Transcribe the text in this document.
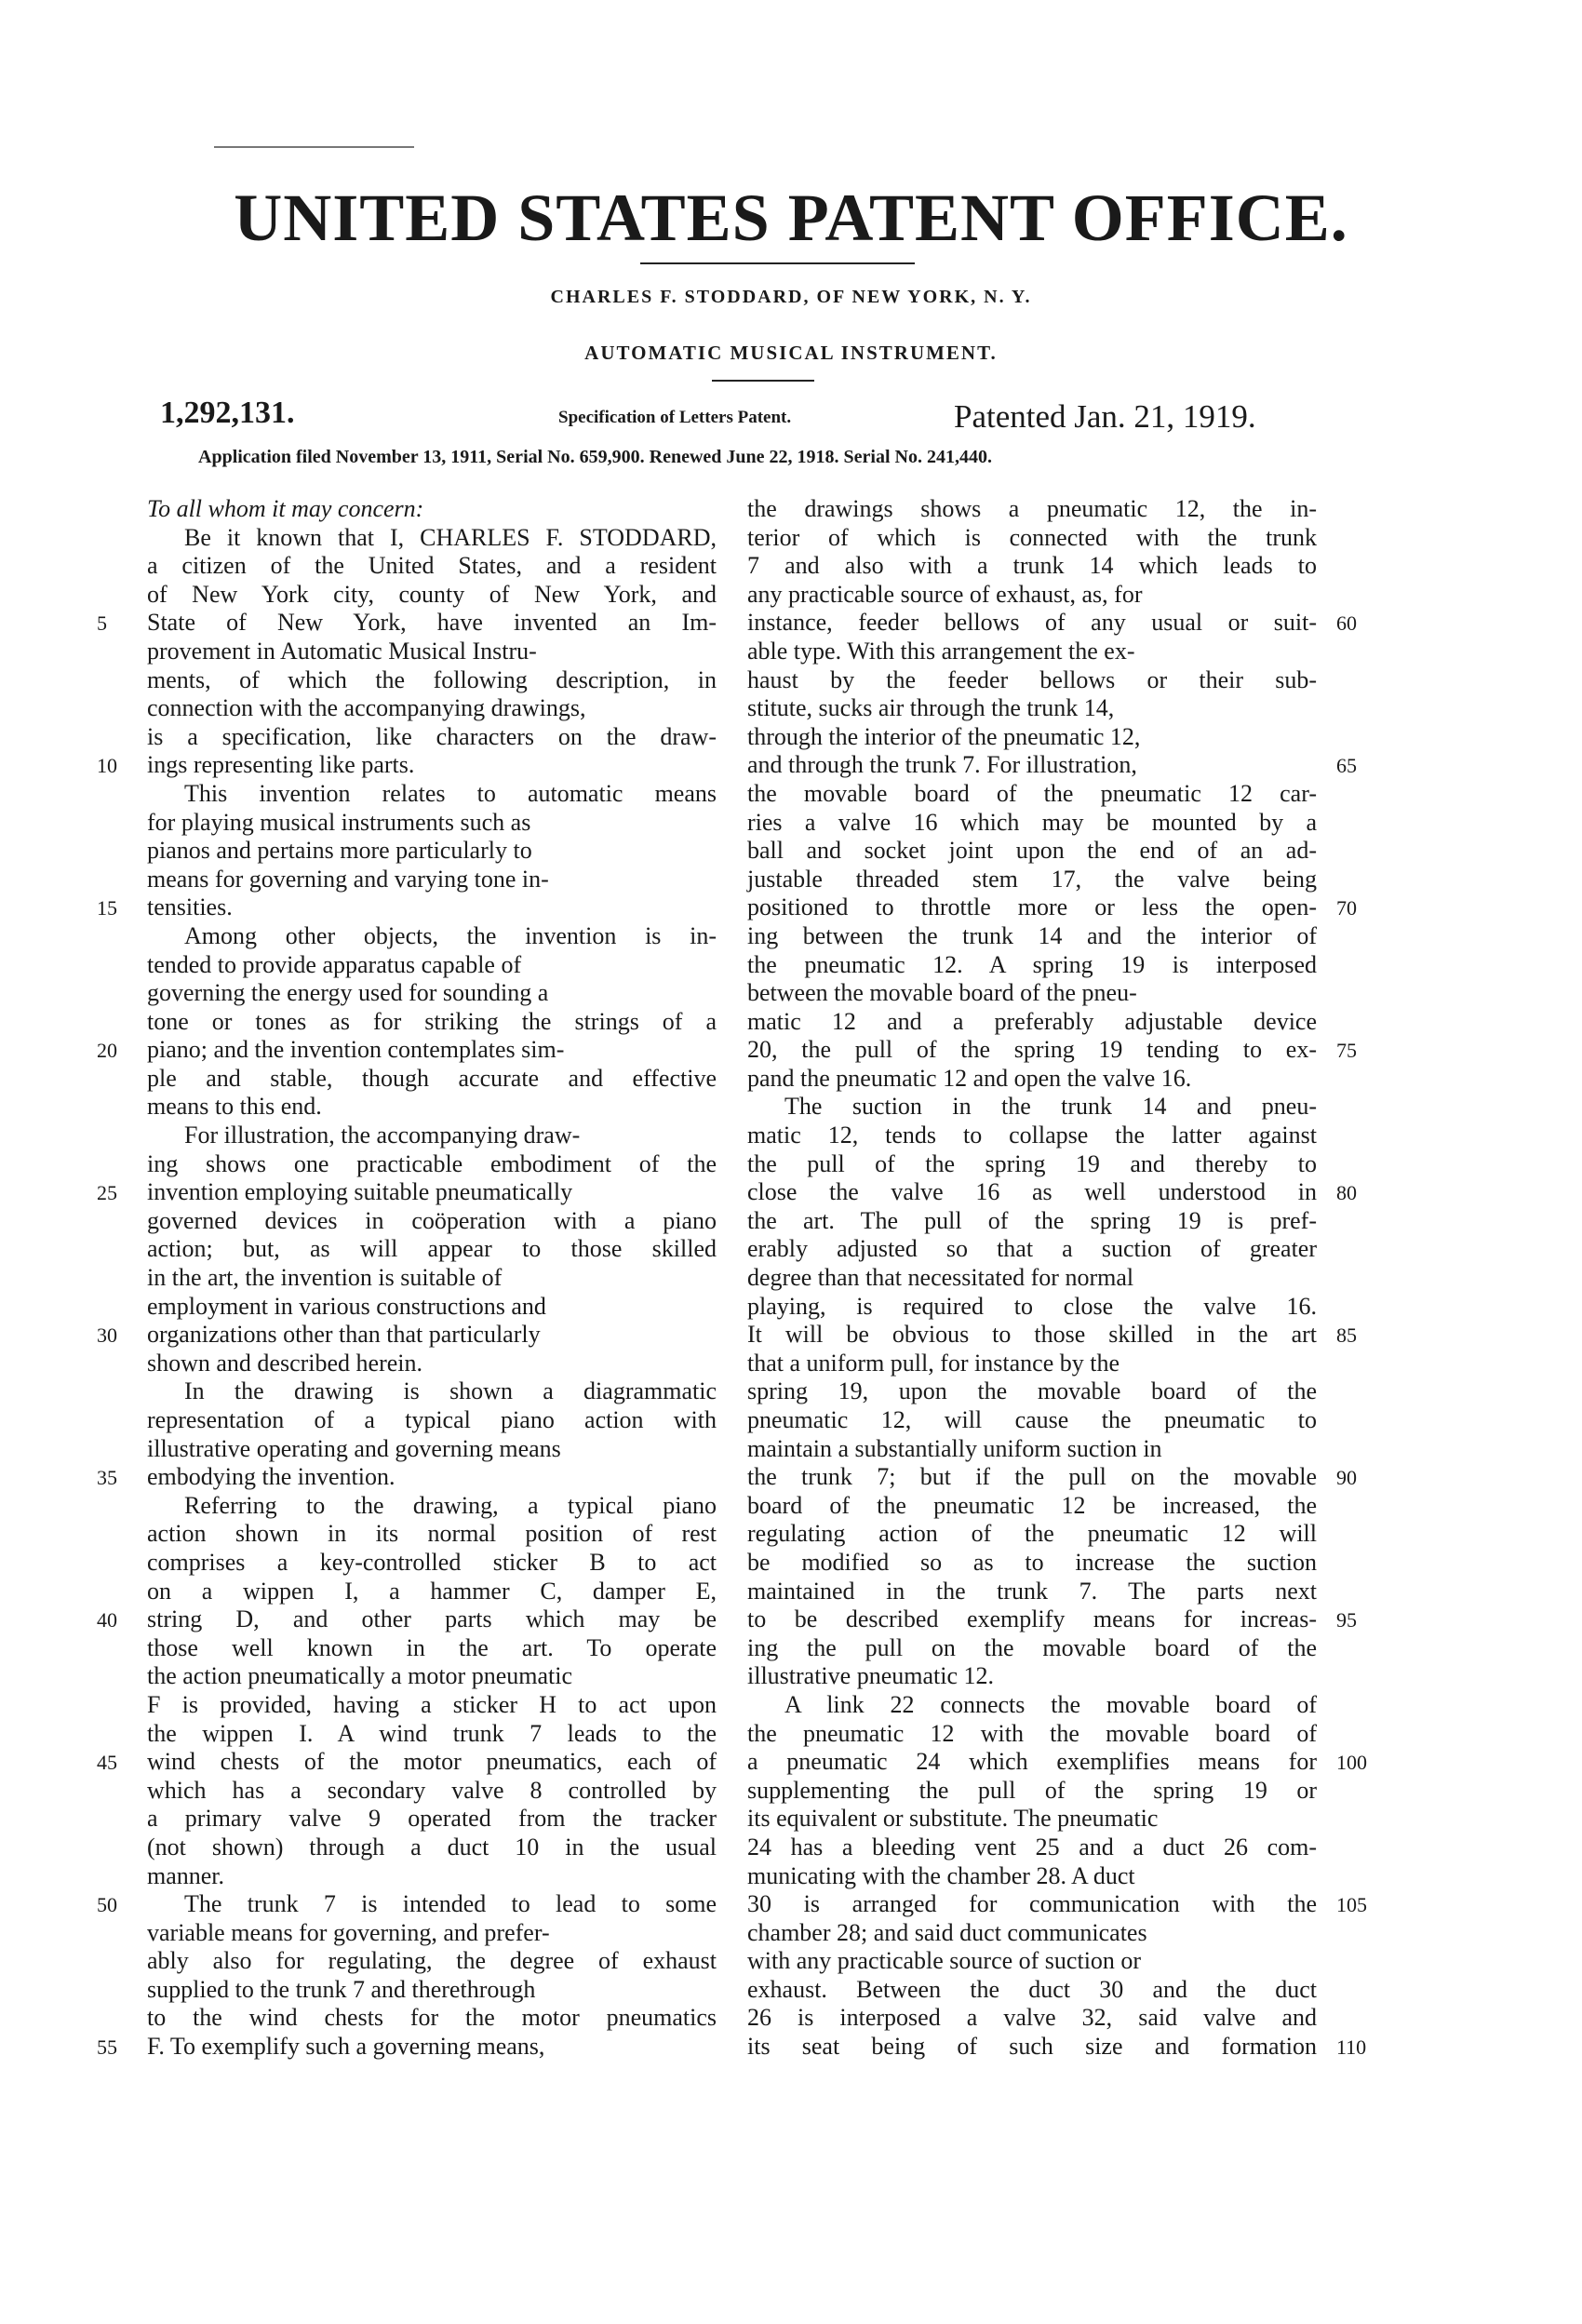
UNITED STATES PATENT OFFICE.
CHARLES F. STODDARD, OF NEW YORK, N. Y.
AUTOMATIC MUSICAL INSTRUMENT.
1,292,131.	Specification of Letters Patent.	Patented Jan. 21, 1919.
Application filed November 13, 1911, Serial No. 659,900. Renewed June 22, 1918. Serial No. 241,440.
To all whom it may concern:
Be it known that I, CHARLES F. STODDARD,
a citizen of the United States, and a resident
of New York city, county of New York, and
State of New York, have invented an Im-
provement in Automatic Musical Instru-
ments, of which the following description, in
connection with the accompanying drawings,
is a specification, like characters on the draw-
ings representing like parts.
This invention relates to automatic means
for playing musical instruments such as
pianos and pertains more particularly to
means for governing and varying tone in-
tensities.
Among other objects, the invention is in-
tended to provide apparatus capable of
governing the energy used for sounding a
tone or tones as for striking the strings of a
piano; and the invention contemplates sim-
ple and stable, though accurate and effective
means to this end.
For illustration, the accompanying draw-
ing shows one practicable embodiment of the
invention employing suitable pneumatically
governed devices in coöperation with a piano
action; but, as will appear to those skilled
in the art, the invention is suitable of
employment in various constructions and
organizations other than that particularly
shown and described herein.
In the drawing is shown a diagrammatic
representation of a typical piano action with
illustrative operating and governing means
embodying the invention.
Referring to the drawing, a typical piano
action shown in its normal position of rest
comprises a key-controlled sticker B to act
on a wippen I, a hammer C, damper E,
string D, and other parts which may be
those well known in the art. To operate
the action pneumatically a motor pneumatic
F is provided, having a sticker H to act upon
the wippen I. A wind trunk 7 leads to the
wind chests of the motor pneumatics, each of
which has a secondary valve 8 controlled by
a primary valve 9 operated from the tracker
(not shown) through a duct 10 in the usual
manner.
The trunk 7 is intended to lead to some
variable means for governing, and prefer-
ably also for regulating, the degree of exhaust
supplied to the trunk 7 and therethrough
to the wind chests for the motor pneumatics
F. To exemplify such a governing means,
the drawings shows a pneumatic 12, the in-
terior of which is connected with the trunk
7 and also with a trunk 14 which leads to
any practicable source of exhaust, as, for
instance, feeder bellows of any usual or suit-
able type. With this arrangement the ex-
haust by the feeder bellows or their sub-
stitute, sucks air through the trunk 14,
through the interior of the pneumatic 12,
and through the trunk 7. For illustration,
the movable board of the pneumatic 12 car-
ries a valve 16 which may be mounted by a
ball and socket joint upon the end of an ad-
justable threaded stem 17, the valve being
positioned to throttle more or less the open-
ing between the trunk 14 and the interior of
the pneumatic 12. A spring 19 is interposed
between the movable board of the pneu-
matic 12 and a preferably adjustable device
20, the pull of the spring 19 tending to ex-
pand the pneumatic 12 and open the valve 16.
The suction in the trunk 14 and pneu-
matic 12, tends to collapse the latter against
the pull of the spring 19 and thereby to
close the valve 16 as well understood in
the art. The pull of the spring 19 is pref-
erably adjusted so that a suction of greater
degree than that necessitated for normal
playing, is required to close the valve 16.
It will be obvious to those skilled in the art
that a uniform pull, for instance by the
spring 19, upon the movable board of the
pneumatic 12, will cause the pneumatic to
maintain a substantially uniform suction in
the trunk 7; but if the pull on the movable
board of the pneumatic 12 be increased, the
regulating action of the pneumatic 12 will
be modified so as to increase the suction
maintained in the trunk 7. The parts next
to be described exemplify means for increas-
ing the pull on the movable board of the
illustrative pneumatic 12.
A link 22 connects the movable board of
the pneumatic 12 with the movable board of
a pneumatic 24 which exemplifies means for
supplementing the pull of the spring 19 or
its equivalent or substitute. The pneumatic
24 has a bleeding vent 25 and a duct 26 com-
municating with the chamber 28. A duct
30 is arranged for communication with the
chamber 28; and said duct communicates
with any practicable source of suction or
exhaust. Between the duct 30 and the duct
26 is interposed a valve 32, said valve and
its seat being of such size and formation
5
10
15
20
25
30
35
40
45
50
55
60
65
70
75
80
85
90
95
100
105
110
